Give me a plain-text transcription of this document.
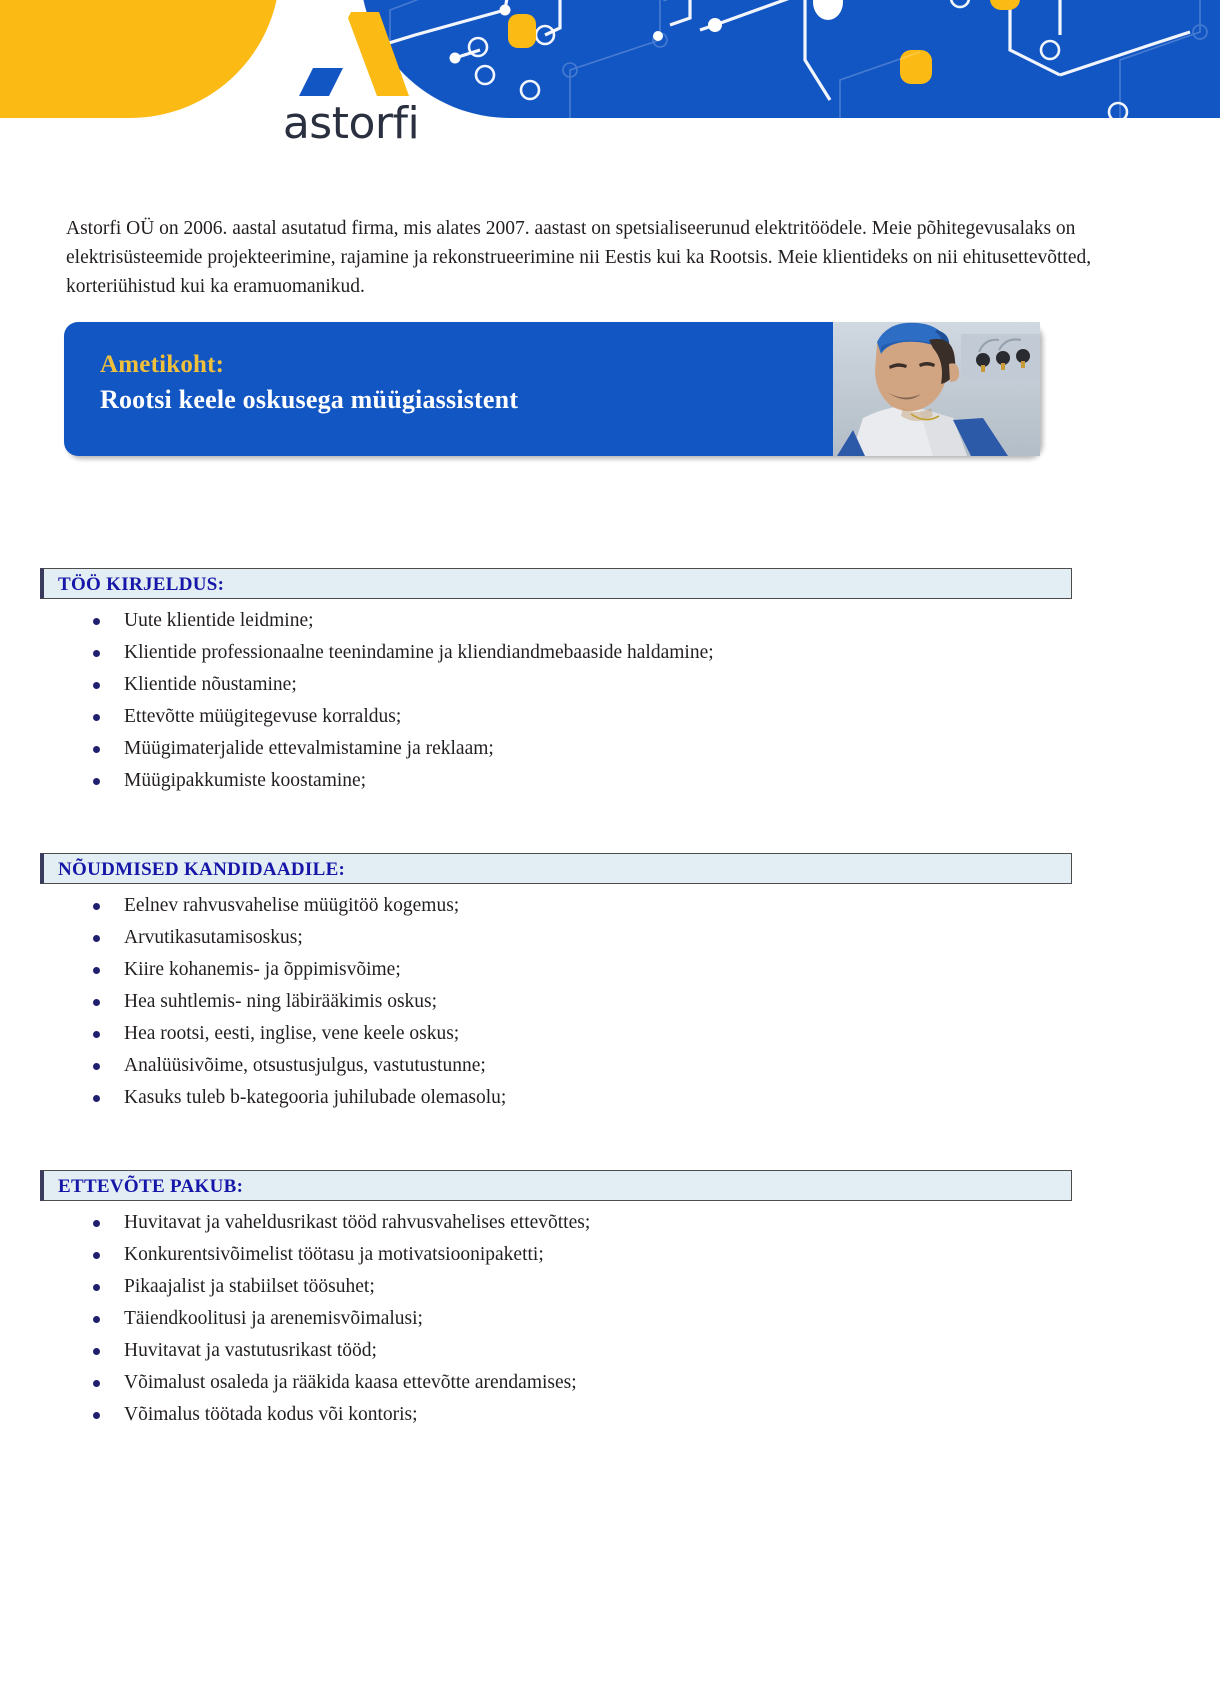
astorfi
Astorfi OÜ on 2006. aastal asutatud firma, mis alates 2007. aastast on spetsialiseerunud elektritöödele. Meie põhitegevusalaks on elektrisüsteemide projekteerimine, rajamine ja rekonstrueerimine nii Eestis kui ka Rootsis. Meie klientideks on nii ehitusettevõtted, korteriühistud kui ka eramuomanikud.
Ametikoht:
Rootsi keele oskusega müügiassistent
TÖÖ KIRJELDUS:
Uute klientide leidmine;
Klientide professionaalne teenindamine ja kliendiandmebaaside haldamine;
Klientide nõustamine;
Ettevõtte müügitegevuse korraldus;
Müügimaterjalide ettevalmistamine ja reklaam;
Müügipakkumiste koostamine;
NÕUDMISED KANDIDAADILE:
Eelnev rahvusvahelise müügitöö kogemus;
Arvutikasutamisoskus;
Kiire kohanemis- ja õppimisvõime;
Hea suhtlemis- ning läbirääkimis oskus;
Hea rootsi, eesti, inglise, vene keele oskus;
Analüüsivõime, otsustusjulgus, vastutustunne;
Kasuks tuleb b-kategooria juhilubade olemasolu;
ETTEVÕTE PAKUB:
Huvitavat ja vaheldusrikast tööd rahvusvahelises ettevõttes;
Konkurentsivõimelist töötasu ja motivatsioonipaketti;
Pikaajalist ja stabiilset töösuhet;
Täiendkoolitusi ja arenemisvõimalusi;
Huvitavat ja vastutusrikast tööd;
Võimalust osaleda ja rääkida kaasa ettevõtte arendamises;
Võimalus töötada kodus või kontoris;
